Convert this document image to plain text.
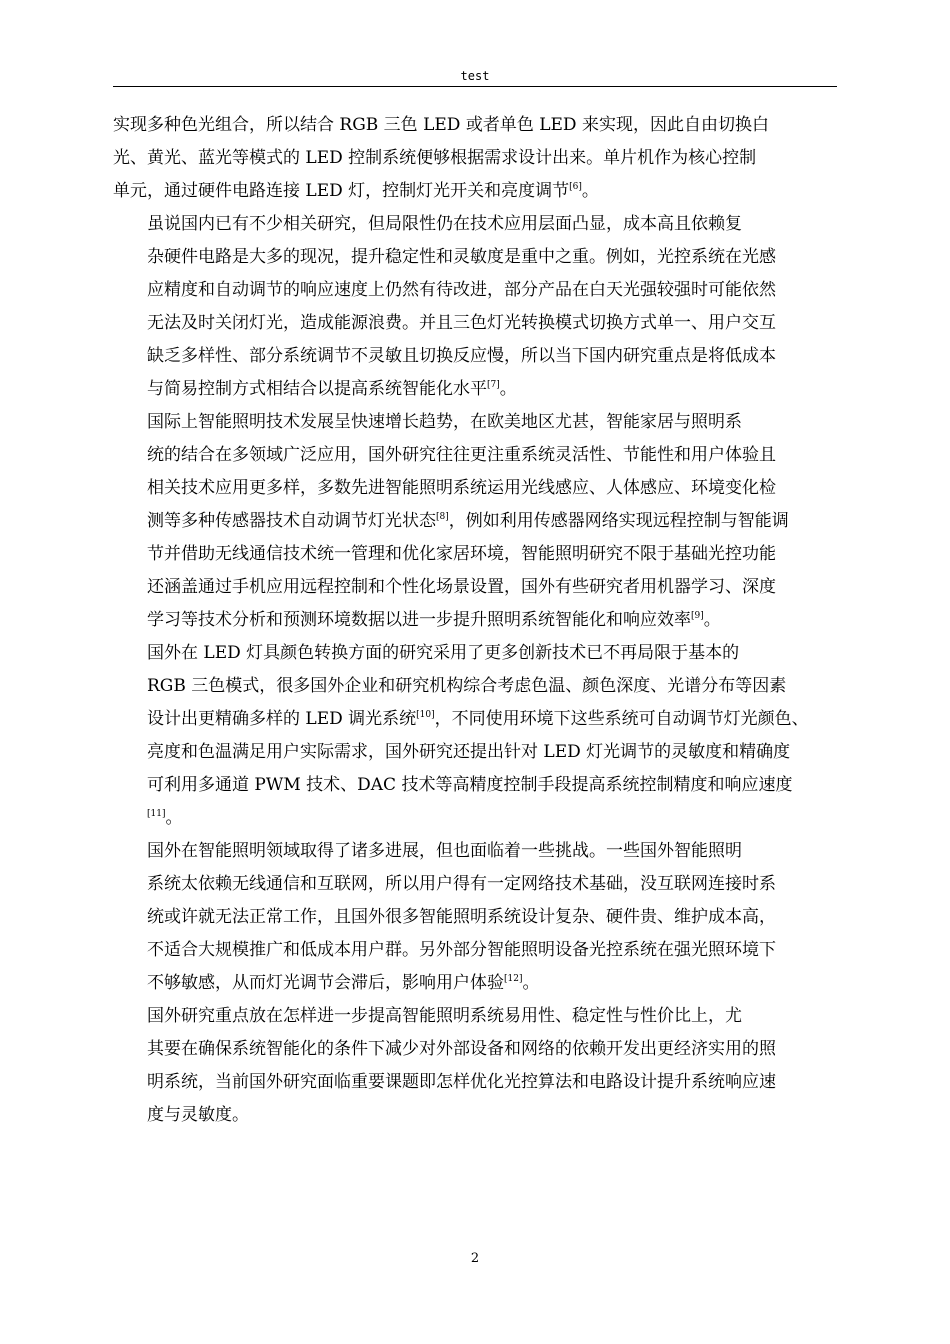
test
实现多种色光组合，所以结合 RGB 三色 LED 或者单色 LED 来实现，因此自由切换白
光、黄光、蓝光等模式的 LED 控制系统便够根据需求设计出来。单片机作为核心控制
单元，通过硬件电路连接 LED 灯，控制灯光开关和亮度调节[6]。
虽说国内已有不少相关研究，但局限性仍在技术应用层面凸显，成本高且依赖复
杂硬件电路是大多的现况，提升稳定性和灵敏度是重中之重。例如，光控系统在光感
应精度和自动调节的响应速度上仍然有待改进，部分产品在白天光强较强时可能依然
无法及时关闭灯光，造成能源浪费。并且三色灯光转换模式切换方式单一、用户交互
缺乏多样性、部分系统调节不灵敏且切换反应慢，所以当下国内研究重点是将低成本
与简易控制方式相结合以提高系统智能化水平[7]。
国际上智能照明技术发展呈快速增长趋势，在欧美地区尤甚，智能家居与照明系
统的结合在多领域广泛应用，国外研究往往更注重系统灵活性、节能性和用户体验且
相关技术应用更多样，多数先进智能照明系统运用光线感应、人体感应、环境变化检
测等多种传感器技术自动调节灯光状态[8]，例如利用传感器网络实现远程控制与智能调
节并借助无线通信技术统一管理和优化家居环境，智能照明研究不限于基础光控功能
还涵盖通过手机应用远程控制和个性化场景设置，国外有些研究者用机器学习、深度
学习等技术分析和预测环境数据以进一步提升照明系统智能化和响应效率[9]。
国外在 LED 灯具颜色转换方面的研究采用了更多创新技术已不再局限于基本的
RGB 三色模式，很多国外企业和研究机构综合考虑色温、颜色深度、光谱分布等因素
设计出更精确多样的 LED 调光系统[10]，不同使用环境下这些系统可自动调节灯光颜色、
亮度和色温满足用户实际需求，国外研究还提出针对 LED 灯光调节的灵敏度和精确度
可利用多通道 PWM 技术、DAC 技术等高精度控制手段提高系统控制精度和响应速度
[11]。
国外在智能照明领域取得了诸多进展，但也面临着一些挑战。一些国外智能照明
系统太依赖无线通信和互联网，所以用户得有一定网络技术基础，没互联网连接时系
统或许就无法正常工作，且国外很多智能照明系统设计复杂、硬件贵、维护成本高，
不适合大规模推广和低成本用户群。另外部分智能照明设备光控系统在强光照环境下
不够敏感，从而灯光调节会滞后，影响用户体验[12]。
国外研究重点放在怎样进一步提高智能照明系统易用性、稳定性与性价比上，尤
其要在确保系统智能化的条件下减少对外部设备和网络的依赖开发出更经济实用的照
明系统，当前国外研究面临重要课题即怎样优化光控算法和电路设计提升系统响应速
度与灵敏度。
2
